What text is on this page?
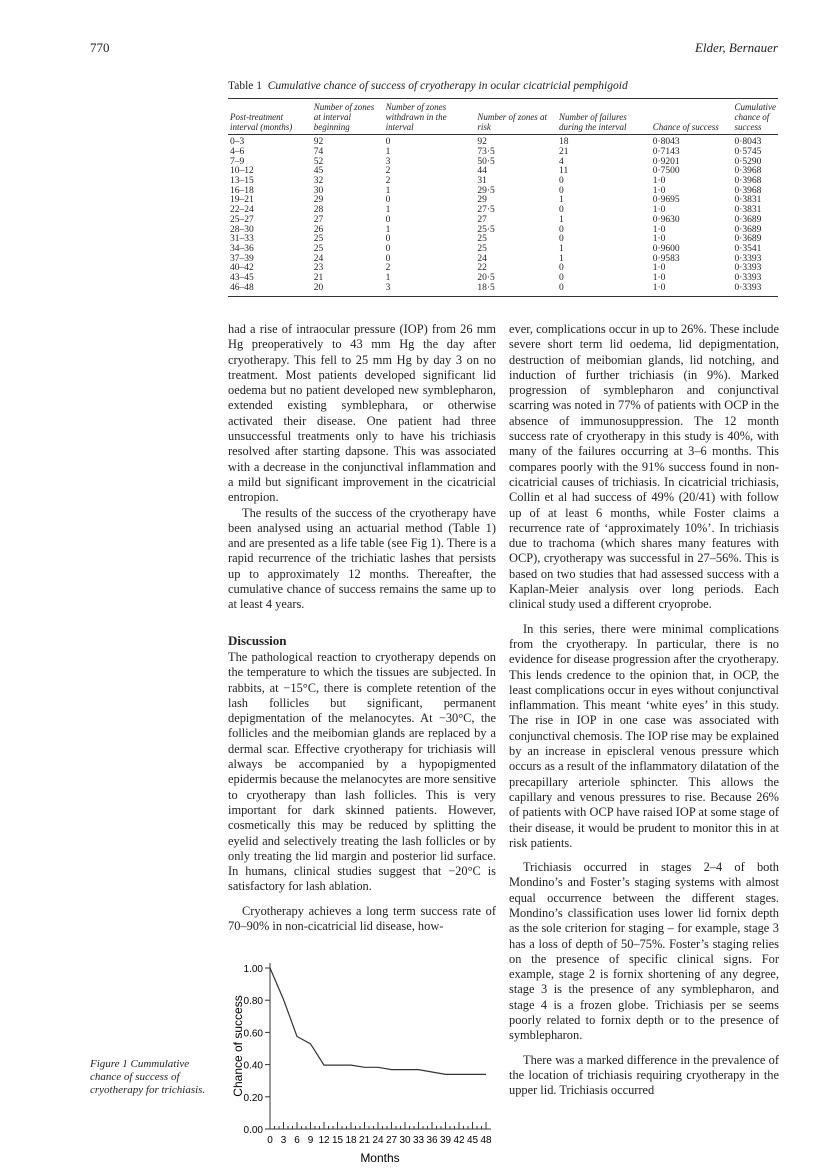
770	Elder, Bernauer
Table 1 Cumulative chance of success of cryotherapy in ocular cicatricial pemphigoid
Post-treatment interval (months)	Number of zones at interval beginning	Number of zones withdrawn in the interval	Number of zones at risk	Number of failures during the interval	Chance of success	Cumulative chance of success
0–3	92	0	92	18	0·8043	0·8043
4–6	74	1	73·5	21	0·7143	0·5745
7–9	52	3	50·5	4	0·9201	0·5290
10–12	45	2	44	11	0·7500	0·3968
13–15	32	2	31	0	1·0	0·3968
16–18	30	1	29·5	0	1·0	0·3968
19–21	29	0	29	1	0·9695	0·3831
22–24	28	1	27·5	0	1·0	0·3831
25–27	27	0	27	1	0·9630	0·3689
28–30	26	1	25·5	0	1·0	0·3689
31–33	25	0	25	0	1·0	0·3689
34–36	25	0	25	1	0·9600	0·3541
37–39	24	0	24	1	0·9583	0·3393
40–42	23	2	22	0	1·0	0·3393
43–45	21	1	20·5	0	1·0	0·3393
46–48	20	3	18·5	0	1·0	0·3393

had a rise of intraocular pressure (IOP) from 26 mm Hg preoperatively to 43 mm Hg the day after cryotherapy. This fell to 25 mm Hg by day 3 on no treatment. Most patients developed significant lid oedema but no patient developed new symblepharon, extended existing symblephara, or otherwise activated their disease. One patient had three unsuccessful treatments only to have his trichiasis resolved after starting dapsone. This was associated with a decrease in the conjunctival inflammation and a mild but significant improvement in the cicatricial entropion.

The results of the success of the cryotherapy have been analysed using an actuarial method (Table 1) and are presented as a life table (see Fig 1). There is a rapid recurrence of the trichiatic lashes that persists up to approximately 12 months. Thereafter, the cumulative chance of success remains the same up to at least 4 years.

Discussion

The pathological reaction to cryotherapy depends on the temperature to which the tissues are subjected. In rabbits, at −15°C, there is complete retention of the lash follicles but significant, permanent depigmentation of the melanocytes. At −30°C, the follicles and the meibomian glands are replaced by a dermal scar. Effective cryotherapy for trichiasis will always be accompanied by a hypopigmented epidermis because the melanocytes are more sensitive to cryotherapy than lash follicles. This is very important for dark skinned patients. However, cosmetically this may be reduced by splitting the eyelid and selectively treating the lash follicles or by only treating the lid margin and posterior lid surface. In humans, clinical studies suggest that −20°C is satisfactory for lash ablation.

Cryotherapy achieves a long term success rate of 70–90% in non-cicatricial lid disease, how-

ever, complications occur in up to 26%. These include severe short term lid oedema, lid depigmentation, destruction of meibomian glands, lid notching, and induction of further trichiasis (in 9%). Marked progression of symblepharon and conjunctival scarring was noted in 77% of patients with OCP in the absence of immunosuppression. The 12 month success rate of cryotherapy in this study is 40%, with many of the failures occurring at 3–6 months. This compares poorly with the 91% success found in non-cicatricial causes of trichiasis. In cicatricial trichiasis, Collin et al had success of 49% (20/41) with follow up of at least 6 months, while Foster claims a recurrence rate of ‘approximately 10%’. In trichiasis due to trachoma (which shares many features with OCP), cryotherapy was successful in 27–56%. This is based on two studies that had assessed success with a Kaplan-Meier analysis over long periods. Each clinical study used a different cryoprobe.

In this series, there were minimal complications from the cryotherapy. In particular, there is no evidence for disease progression after the cryotherapy. This lends credence to the opinion that, in OCP, the least complications occur in eyes without conjunctival inflammation. This meant ‘white eyes’ in this study. The rise in IOP in one case was associated with conjunctival chemosis. The IOP rise may be explained by an increase in episcleral venous pressure which occurs as a result of the inflammatory dilatation of the precapillary arteriole sphincter. This allows the capillary and venous pressures to rise. Because 26% of patients with OCP have raised IOP at some stage of their disease, it would be prudent to monitor this in at risk patients.

Trichiasis occurred in stages 2–4 of both Mondino’s and Foster’s staging systems with almost equal occurrence between the different stages. Mondino’s classification uses lower lid fornix depth as the sole criterion for staging – for example, stage 3 has a loss of depth of 50–75%. Foster’s staging relies on the presence of specific clinical signs. For example, stage 2 is fornix shortening of any degree, stage 3 is the presence of any symblepharon, and stage 4 is a frozen globe. Trichiasis per se seems poorly related to fornix depth or to the presence of symblepharon.

There was a marked difference in the prevalence of the location of trichiasis requiring cryotherapy in the upper lid. Trichiasis occurred

0.00
0.20
0.40
0.60
0.80
1.00
0 3 6 9 12 15 18 21 24 27 30 33 36 39 42 45 48
Chance of success
Months
Figure 1 Cummulative chance of success of cryotherapy for trichiasis.
